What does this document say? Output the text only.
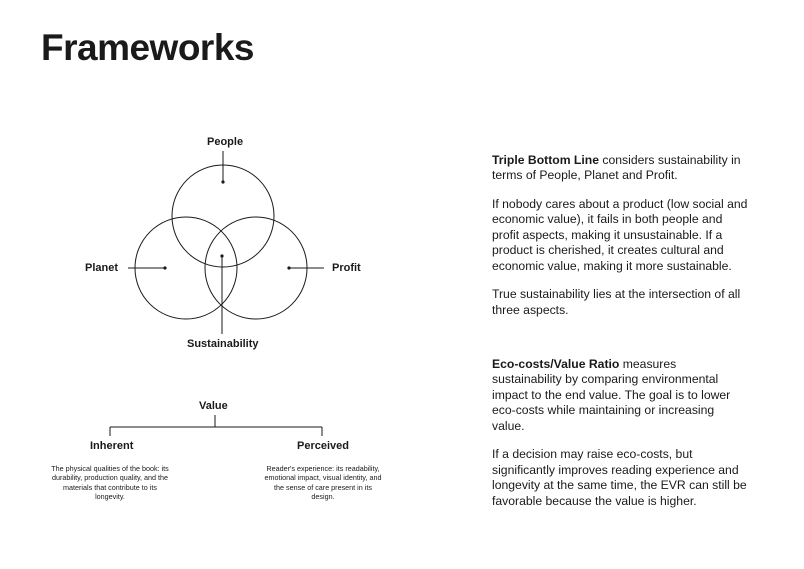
Frameworks
People
Planet	Profit
Sustainability
Value
Inherent
The physical qualities of the book: its durability, production quality, and the materials that contribute to its longevity.
Perceived
Reader's experience: its readability, emotional impact, visual identity, and the sense of care present in its design.

Triple Bottom Line considers sustainability in terms of People, Planet and Profit.

If nobody cares about a product (low social and economic value), it fails in both people and profit aspects, making it unsustainable. If a product is cherished, it creates cultural and economic value, making it more sustainable.

True sustainability lies at the intersection of all three aspects.

Eco-costs/Value Ratio measures sustainability by comparing environmental impact to the end value. The goal is to lower eco-costs while maintaining or increasing value.

If a decision may raise eco-costs, but significantly improves reading experience and longevity at the same time, the EVR can still be favorable because the value is higher.
